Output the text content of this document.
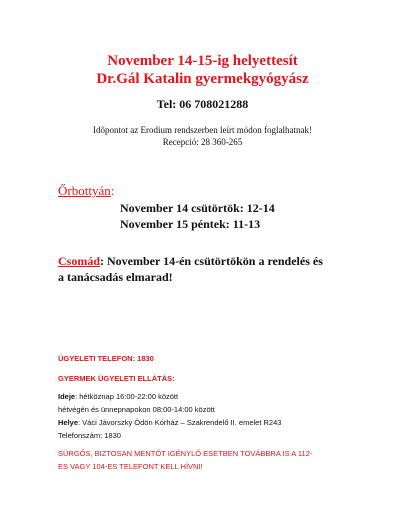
November 14-15-ig helyettesít
Dr.Gál Katalin gyermekgyógyász
Tel: 06 708021288
Időpontot az Erodium rendszerben leírt módon foglalhatnak!
Recepció: 28 360-265
Őrbottyán:
November 14 csütörtök: 12-14
November 15 péntek: 11-13
Csomád: November 14-én csütörtökön a rendelés és
a tanácsadás elmarad!
ÜGYELETI TELEFON: 1830
GYERMEK ÜGYELETI ELLÁTÁS:
Ideje: hétköznap 16:00-22:00 között
hétvégén és ünnepnapokon 08:00-14:00 között
Helye: Váci Jávorszky Ödön Kórház – Szakrendelő II. emelet R243
Telefonszám: 1830
SÜRGŐS, BIZTOSAN MENTŐT IGÉNYLŐ ESETBEN TOVÁBBRA IS A 112-
ES VAGY 104-ES TELEFONT KELL HÍVNI!
